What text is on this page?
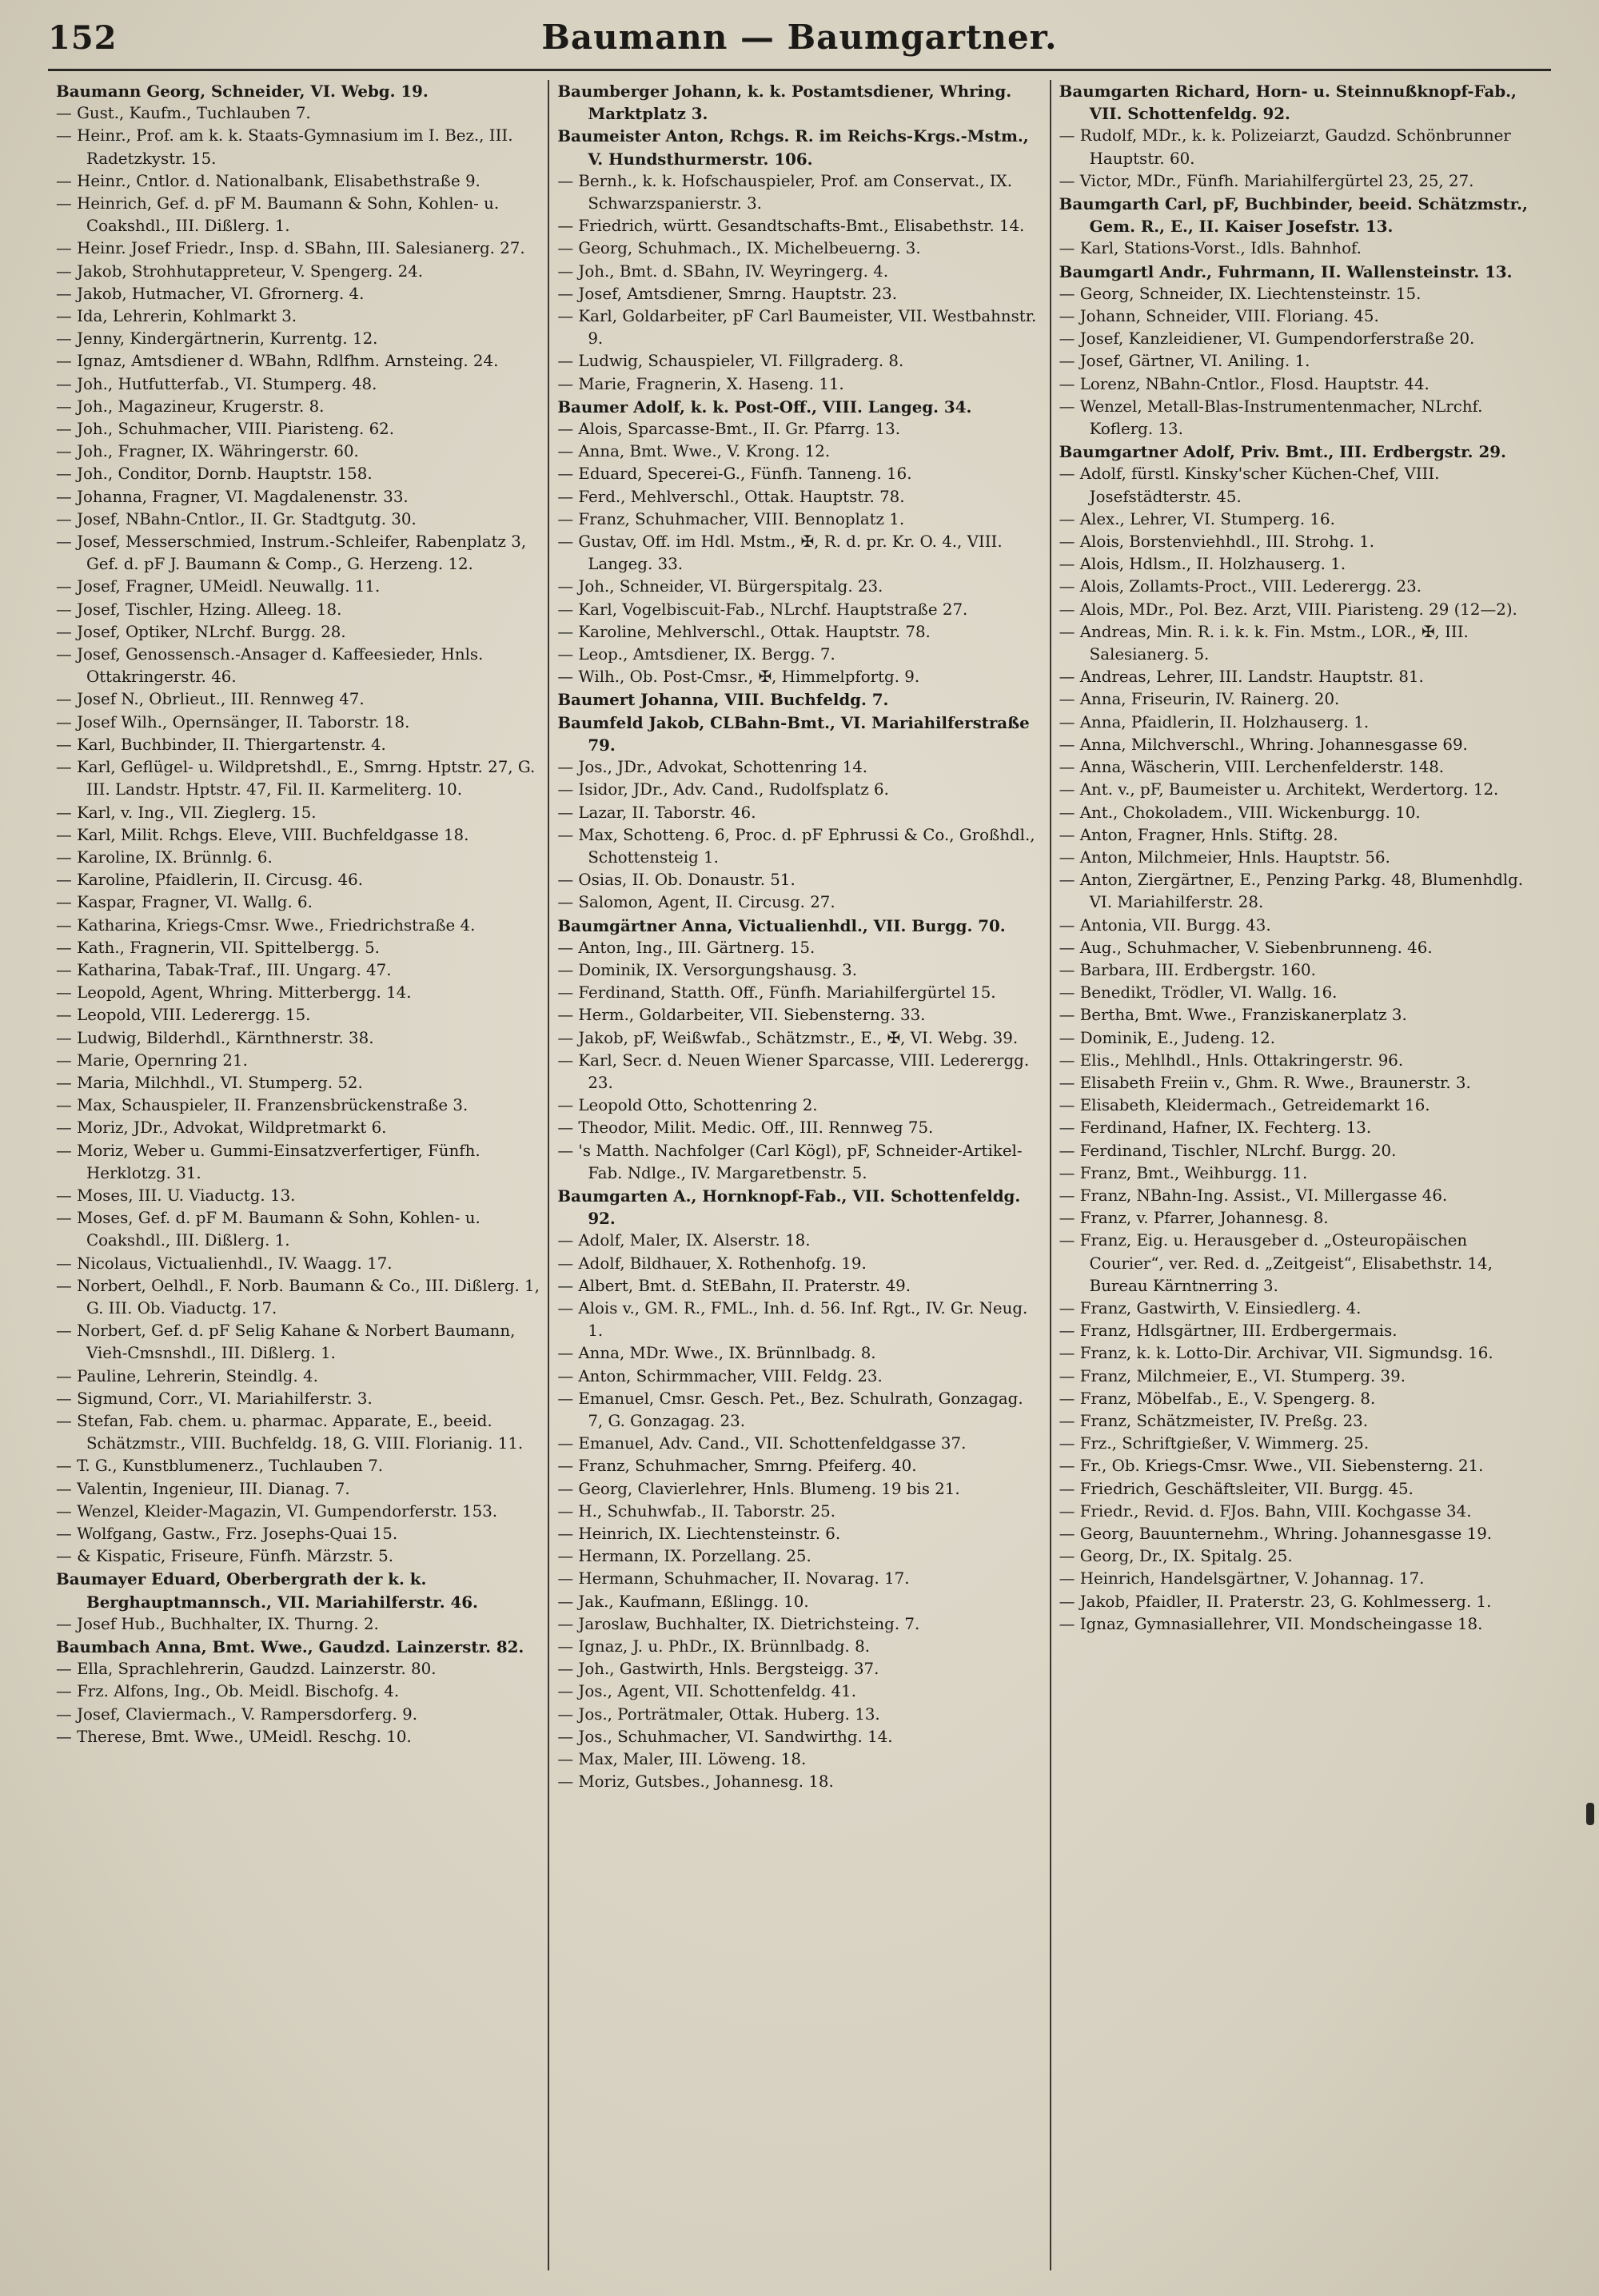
152	Baumann — Baumgartner.
Baumann Georg, Schneider, VI. Webg. 19.
— Gust., Kaufm., Tuchlauben 7.
— Heinr., Prof. am k. k. Staats-Gymnasium im I. Bez., III. Radetzkystr. 15.
— Heinr., Cntlor. d. Nationalbank, Elisabethstraße 9.
— Heinrich, Gef. d. pF M. Baumann & Sohn, Kohlen- u. Coakshdl., III. Dißlerg. 1.
— Heinr. Josef Friedr., Insp. d. SBahn, III. Salesianerg. 27.
— Jakob, Strohhutappreteur, V. Spengerg. 24.
— Jakob, Hutmacher, VI. Gfrornerg. 4.
— Ida, Lehrerin, Kohlmarkt 3.
— Jenny, Kindergärtnerin, Kurrentg. 12.
— Ignaz, Amtsdiener d. WBahn, Rdlfhm. Arnsteing. 24.
— Joh., Hutfutterfab., VI. Stumperg. 48.
— Joh., Magazineur, Krugerstr. 8.
— Joh., Schuhmacher, VIII. Piaristeng. 62.
— Joh., Fragner, IX. Währingerstr. 60.
— Joh., Conditor, Dornb. Hauptstr. 158.
— Johanna, Fragner, VI. Magdalenenstr. 33.
— Josef, NBahn-Cntlor., II. Gr. Stadtgutg. 30.
— Josef, Messerschmied, Instrum.-Schleifer, Rabenplatz 3, Gef. d. pF J. Baumann & Comp., G. Herzeng. 12.
— Josef, Fragner, UMeidl. Neuwallg. 11.
— Josef, Tischler, Hzing. Alleeg. 18.
— Josef, Optiker, NLrchf. Burgg. 28.
— Josef, Genossensch.-Ansager d. Kaffeesieder, Hnls. Ottakringerstr. 46.
— Josef N., Obrlieut., III. Rennweg 47.
— Josef Wilh., Opernsänger, II. Taborstr. 18.
— Karl, Buchbinder, II. Thiergartenstr. 4.
— Karl, Geflügel- u. Wildpretshdl., E., Smrng. Hptstr. 27, G. III. Landstr. Hptstr. 47, Fil. II. Karmeliterg. 10.
— Karl, v. Ing., VII. Zieglerg. 15.
— Karl, Milit. Rchgs. Eleve, VIII. Buchfeldgasse 18.
— Karoline, IX. Brünnlg. 6.
— Karoline, Pfaidlerin, II. Circusg. 46.
— Kaspar, Fragner, VI. Wallg. 6.
— Katharina, Kriegs-Cmsr. Wwe., Friedrichstraße 4.
— Kath., Fragnerin, VII. Spittelbergg. 5.
— Katharina, Tabak-Traf., III. Ungarg. 47.
— Leopold, Agent, Whring. Mitterbergg. 14.
— Leopold, VIII. Lederergg. 15.
— Ludwig, Bilderhdl., Kärnthnerstr. 38.
— Marie, Opernring 21.
— Maria, Milchhdl., VI. Stumperg. 52.
— Max, Schauspieler, II. Franzensbrückenstraße 3.
— Moriz, JDr., Advokat, Wildpretmarkt 6.
— Moriz, Weber u. Gummi-Einsatzverfertiger, Fünfh. Herklotzg. 31.
— Moses, III. U. Viaductg. 13.
— Moses, Gef. d. pF M. Baumann & Sohn, Kohlen- u. Coakshdl., III. Dißlerg. 1.
— Nicolaus, Victualienhdl., IV. Waagg. 17.
— Norbert, Oelhdl., F. Norb. Baumann & Co., III. Dißlerg. 1, G. III. Ob. Viaductg. 17.
— Norbert, Gef. d. pF Selig Kahane & Norbert Baumann, Vieh-Cmsnshdl., III. Dißlerg. 1.
— Pauline, Lehrerin, Steindlg. 4.
— Sigmund, Corr., VI. Mariahilferstr. 3.
— Stefan, Fab. chem. u. pharmac. Apparate, E., beeid. Schätzmstr., VIII. Buchfeldg. 18, G. VIII. Florianig. 11.
— T. G., Kunstblumenerz., Tuchlauben 7.
— Valentin, Ingenieur, III. Dianag. 7.
— Wenzel, Kleider-Magazin, VI. Gumpendorferstr. 153.
— Wolfgang, Gastw., Frz. Josephs-Quai 15.
— & Kispatic, Friseure, Fünfh. Märzstr. 5.
Baumayer Eduard, Oberbergrath der k. k. Berghauptmannsch., VII. Mariahilferstr. 46.
— Josef Hub., Buchhalter, IX. Thurng. 2.
Baumbach Anna, Bmt. Wwe., Gaudzd. Lainzerstr. 82.
— Ella, Sprachlehrerin, Gaudzd. Lainzerstr. 80.
— Frz. Alfons, Ing., Ob. Meidl. Bischofg. 4.
— Josef, Claviermach., V. Rampersdorferg. 9.
— Therese, Bmt. Wwe., UMeidl. Reschg. 10.
Baumberger Johann, k. k. Postamtsdiener, Whring. Marktplatz 3.
Baumeister Anton, Rchgs. R. im Reichs-Krgs.-Mstm., V. Hundsthurmerstr. 106.
— Bernh., k. k. Hofschauspieler, Prof. am Conservat., IX. Schwarzspanierstr. 3.
— Friedrich, württ. Gesandtschafts-Bmt., Elisabethstr. 14.
— Georg, Schuhmach., IX. Michelbeuerng. 3.
— Joh., Bmt. d. SBahn, IV. Weyringerg. 4.
— Josef, Amtsdiener, Smrng. Hauptstr. 23.
— Karl, Goldarbeiter, pF Carl Baumeister, VII. Westbahnstr. 9.
— Ludwig, Schauspieler, VI. Fillgraderg. 8.
— Marie, Fragnerin, X. Haseng. 11.
Baumer Adolf, k. k. Post-Off., VIII. Langeg. 34.
— Alois, Sparcasse-Bmt., II. Gr. Pfarrg. 13.
— Anna, Bmt. Wwe., V. Krong. 12.
— Eduard, Specerei-G., Fünfh. Tanneng. 16.
— Ferd., Mehlverschl., Ottak. Hauptstr. 78.
— Franz, Schuhmacher, VIII. Bennoplatz 1.
— Gustav, Off. im Hdl. Mstm., ✠, R. d. pr. Kr. O. 4., VIII. Langeg. 33.
— Joh., Schneider, VI. Bürgerspitalg. 23.
— Karl, Vogelbiscuit-Fab., NLrchf. Hauptstraße 27.
— Karoline, Mehlverschl., Ottak. Hauptstr. 78.
— Leop., Amtsdiener, IX. Bergg. 7.
— Wilh., Ob. Post-Cmsr., ✠, Himmelpfortg. 9.
Baumert Johanna, VIII. Buchfeldg. 7.
Baumfeld Jakob, CLBahn-Bmt., VI. Mariahilferstraße 79.
— Jos., JDr., Advokat, Schottenring 14.
— Isidor, JDr., Adv. Cand., Rudolfsplatz 6.
— Lazar, II. Taborstr. 46.
— Max, Schotteng. 6, Proc. d. pF Ephrussi & Co., Großhdl., Schottensteig 1.
— Osias, II. Ob. Donaustr. 51.
— Salomon, Agent, II. Circusg. 27.
Baumgärtner Anna, Victualienhdl., VII. Burgg. 70.
— Anton, Ing., III. Gärtnerg. 15.
— Dominik, IX. Versorgungshausg. 3.
— Ferdinand, Statth. Off., Fünfh. Mariahilfergürtel 15.
— Herm., Goldarbeiter, VII. Siebensterng. 33.
— Jakob, pF, Weißwfab., Schätzmstr., E., ✠, VI. Webg. 39.
— Karl, Secr. d. Neuen Wiener Sparcasse, VIII. Lederergg. 23.
— Leopold Otto, Schottenring 2.
— Theodor, Milit. Medic. Off., III. Rennweg 75.
— 's Matth. Nachfolger (Carl Kögl), pF, Schneider-Artikel-Fab. Ndlge., IV. Margaretbenstr. 5.
Baumgarten A., Hornknopf-Fab., VII. Schottenfeldg. 92.
— Adolf, Maler, IX. Alserstr. 18.
— Adolf, Bildhauer, X. Rothenhofg. 19.
— Albert, Bmt. d. StEBahn, II. Praterstr. 49.
— Alois v., GM. R., FML., Inh. d. 56. Inf. Rgt., IV. Gr. Neug. 1.
— Anna, MDr. Wwe., IX. Brünnlbadg. 8.
— Anton, Schirmmacher, VIII. Feldg. 23.
— Emanuel, Cmsr. Gesch. Pet., Bez. Schulrath, Gonzagag. 7, G. Gonzagag. 23.
— Emanuel, Adv. Cand., VII. Schottenfeldgasse 37.
— Franz, Schuhmacher, Smrng. Pfeiferg. 40.
— Georg, Clavierlehrer, Hnls. Blumeng. 19 bis 21.
— H., Schuhwfab., II. Taborstr. 25.
— Heinrich, IX. Liechtensteinstr. 6.
— Hermann, IX. Porzellang. 25.
— Hermann, Schuhmacher, II. Novarag. 17.
— Jak., Kaufmann, Eßlingg. 10.
— Jaroslaw, Buchhalter, IX. Dietrichsteing. 7.
— Ignaz, J. u. PhDr., IX. Brünnlbadg. 8.
— Joh., Gastwirth, Hnls. Bergsteigg. 37.
— Jos., Agent, VII. Schottenfeldg. 41.
— Jos., Porträtmaler, Ottak. Huberg. 13.
— Jos., Schuhmacher, VI. Sandwirthg. 14.
— Max, Maler, III. Löweng. 18.
— Moriz, Gutsbes., Johannesg. 18.
Baumgarten Richard, Horn- u. Steinnußknopf-Fab., VII. Schottenfeldg. 92.
— Rudolf, MDr., k. k. Polizeiarzt, Gaudzd. Schönbrunner Hauptstr. 60.
— Victor, MDr., Fünfh. Mariahilfergürtel 23, 25, 27.
Baumgarth Carl, pF, Buchbinder, beeid. Schätzmstr., Gem. R., E., II. Kaiser Josefstr. 13.
— Karl, Stations-Vorst., Idls. Bahnhof.
Baumgartl Andr., Fuhrmann, II. Wallensteinstr. 13.
— Georg, Schneider, IX. Liechtensteinstr. 15.
— Johann, Schneider, VIII. Floriang. 45.
— Josef, Kanzleidiener, VI. Gumpendorferstraße 20.
— Josef, Gärtner, VI. Aniling. 1.
— Lorenz, NBahn-Cntlor., Flosd. Hauptstr. 44.
— Wenzel, Metall-Blas-Instrumentenmacher, NLrchf. Koflerg. 13.
Baumgartner Adolf, Priv. Bmt., III. Erdbergstr. 29.
— Adolf, fürstl. Kinsky'scher Küchen-Chef, VIII. Josefstädterstr. 45.
— Alex., Lehrer, VI. Stumperg. 16.
— Alois, Borstenviehhdl., III. Strohg. 1.
— Alois, Hdlsm., II. Holzhauserg. 1.
— Alois, Zollamts-Proct., VIII. Lederergg. 23.
— Alois, MDr., Pol. Bez. Arzt, VIII. Piaristeng. 29 (12—2).
— Andreas, Min. R. i. k. k. Fin. Mstm., LOR., ✠, III. Salesianerg. 5.
— Andreas, Lehrer, III. Landstr. Hauptstr. 81.
— Anna, Friseurin, IV. Rainerg. 20.
— Anna, Pfaidlerin, II. Holzhauserg. 1.
— Anna, Milchverschl., Whring. Johannesgasse 69.
— Anna, Wäscherin, VIII. Lerchenfelderstr. 148.
— Ant. v., pF, Baumeister u. Architekt, Werdertorg. 12.
— Ant., Chokoladem., VIII. Wickenburgg. 10.
— Anton, Fragner, Hnls. Stiftg. 28.
— Anton, Milchmeier, Hnls. Hauptstr. 56.
— Anton, Ziergärtner, E., Penzing Parkg. 48, Blumenhdlg. VI. Mariahilferstr. 28.
— Antonia, VII. Burgg. 43.
— Aug., Schuhmacher, V. Siebenbrunneng. 46.
— Barbara, III. Erdbergstr. 160.
— Benedikt, Trödler, VI. Wallg. 16.
— Bertha, Bmt. Wwe., Franziskanerplatz 3.
— Dominik, E., Judeng. 12.
— Elis., Mehlhdl., Hnls. Ottakringerstr. 96.
— Elisabeth Freiin v., Ghm. R. Wwe., Braunerstr. 3.
— Elisabeth, Kleidermach., Getreidemarkt 16.
— Ferdinand, Hafner, IX. Fechterg. 13.
— Ferdinand, Tischler, NLrchf. Burgg. 20.
— Franz, Bmt., Weihburgg. 11.
— Franz, NBahn-Ing. Assist., VI. Millergasse 46.
— Franz, v. Pfarrer, Johannesg. 8.
— Franz, Eig. u. Herausgeber d. „Osteuropäischen Courier“, ver. Red. d. „Zeitgeist“, Elisabethstr. 14, Bureau Kärntnerring 3.
— Franz, Gastwirth, V. Einsiedlerg. 4.
— Franz, Hdlsgärtner, III. Erdbergermais.
— Franz, k. k. Lotto-Dir. Archivar, VII. Sigmundsg. 16.
— Franz, Milchmeier, E., VI. Stumperg. 39.
— Franz, Möbelfab., E., V. Spengerg. 8.
— Franz, Schätzmeister, IV. Preßg. 23.
— Frz., Schriftgießer, V. Wimmerg. 25.
— Fr., Ob. Kriegs-Cmsr. Wwe., VII. Siebensterng. 21.
— Friedrich, Geschäftsleiter, VII. Burgg. 45.
— Friedr., Revid. d. FJos. Bahn, VIII. Kochgasse 34.
— Georg, Bauunternehm., Whring. Johannesgasse 19.
— Georg, Dr., IX. Spitalg. 25.
— Heinrich, Handelsgärtner, V. Johannag. 17.
— Jakob, Pfaidler, II. Praterstr. 23, G. Kohlmesserg. 1.
— Ignaz, Gymnasiallehrer, VII. Mondscheingasse 18.
